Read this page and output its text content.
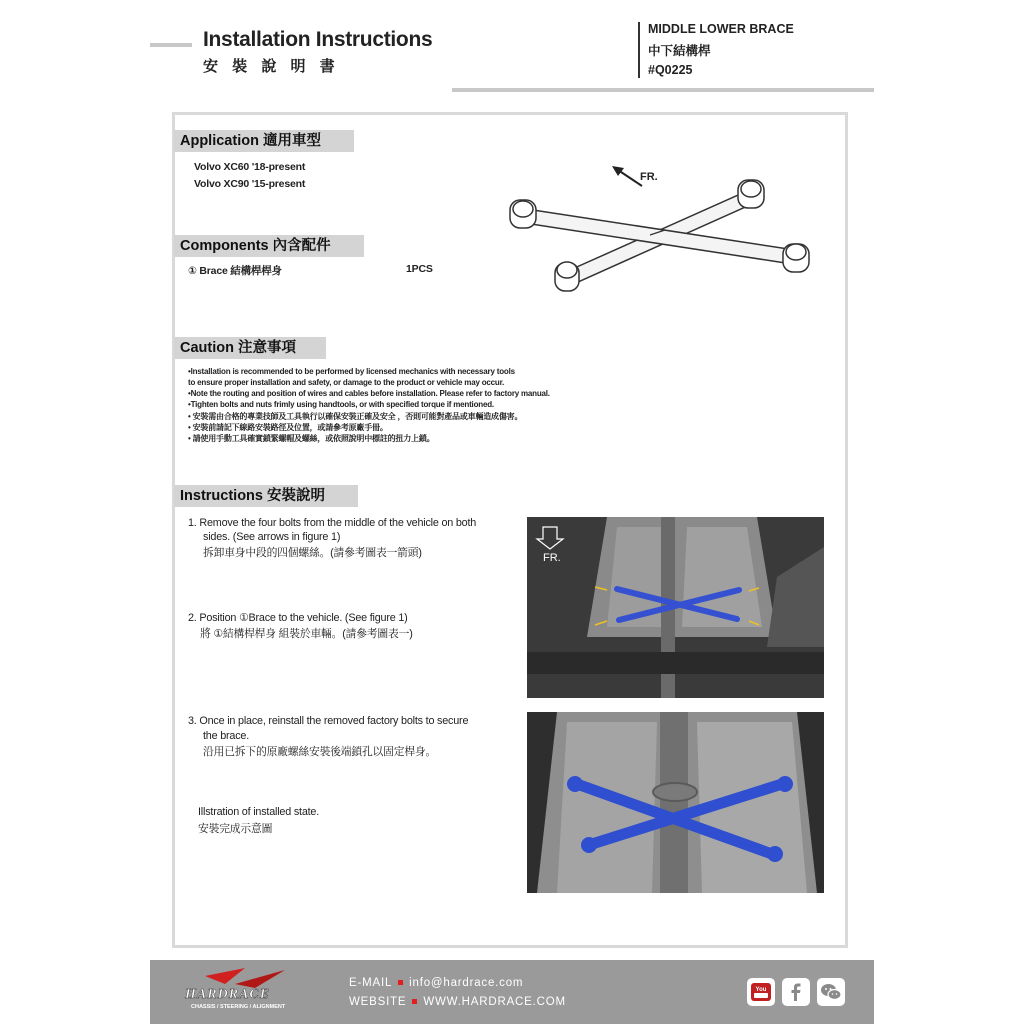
Installation Instructions
安 裝 說 明 書
MIDDLE LOWER BRACE
中下結構桿
#Q0225
Application 適用車型
Volvo XC60 '18-present
Volvo XC90 '15-present
FR.
Components 內含配件
① Brace 結構桿桿身	1PCS
Caution 注意事項
•Installation is recommended to be performed by licensed mechanics with necessary tools
to ensure proper installation and safety, or damage to the product or vehicle may occur.
•Note the routing and position of wires and cables before installation. Please refer to factory manual.
•Tighten bolts and nuts frimly using handtools, or with specified torque if mentioned.
• 安裝需由合格的專業技師及工具執行以確保安裝正確及安全 ，否則可能對產品或車輛造成傷害。
• 安裝前請記下線路安裝路徑及位置，或請參考原廠手冊。
• 請使用手動工具確實鎖緊螺帽及螺絲，或依照說明中標註的扭力上鎖。
Instructions 安裝說明
1. Remove the four bolts from the middle of the vehicle on both
sides. (See arrows in figure 1)
拆卸車身中段的四個螺絲。(請參考圖表一箭頭)
2. Position ①Brace to the vehicle. (See figure 1)
將 ①結構桿桿身 組裝於車輛。(請參考圖表一)
3. Once in place, reinstall the removed factory bolts to secure
the brace.
沿用已拆下的原廠螺絲安裝後端鎖孔以固定桿身。
Illstration of installed state.
安裝完成示意圖
FR.
HARDRACE
CHASSIS / STEERING / ALIGNMENT
E-MAIL info@hardrace.com
WEBSITE WWW.HARDRACE.COM
You
